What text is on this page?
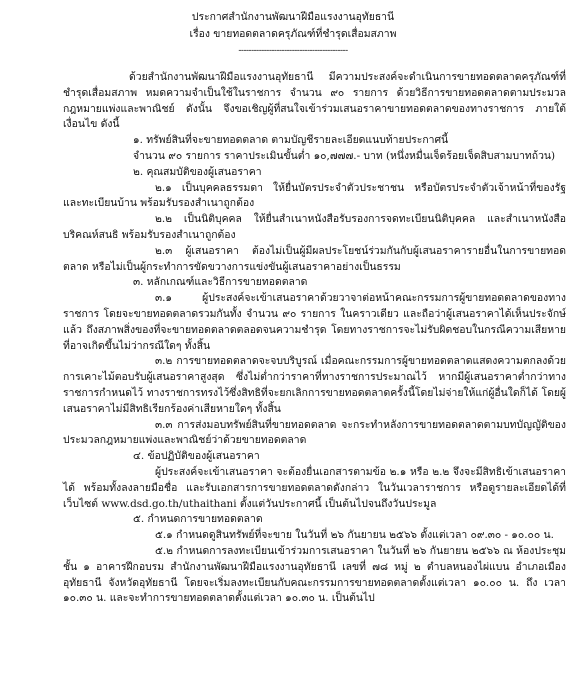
ประกาศสำนักงานพัฒนาฝีมือแรงงานอุทัยธานี
เรื่อง ขายทอดตลาดครุภัณฑ์ที่ชำรุดเสื่อมสภาพ
-------------------------------------------

ด้วยสำนักงานพัฒนาฝีมือแรงงานอุทัยธานี มีความประสงค์จะดำเนินการขายทอดตลาดครุภัณฑ์ที่ชำรุดเสื่อมสภาพ หมดความจำเป็นใช้ในราชการ จำนวน ๙๐ รายการ ด้วยวิธีการขายทอดตลาดตามประมวลกฎหมายแพ่งและพาณิชย์ ดังนั้น จึงขอเชิญผู้ที่สนใจเข้าร่วมเสนอราคาขายทอดตลาดของทางราชการ ภายใต้เงื่อนไข ดังนี้

๑. ทรัพย์สินที่จะขายทอดตลาด ตามบัญชีรายละเอียดแนบท้ายประกาศนี้

จำนวน ๙๐ รายการ ราคาประเมินขั้นต่ำ ๑๐,๗๗๗.- บาท (หนึ่งหมื่นเจ็ดร้อยเจ็ดสิบสามบาทถ้วน)

๒. คุณสมบัติของผู้เสนอราคา

๒.๑ เป็นบุคคลธรรมดา ให้ยื่นบัตรประจำตัวประชาชน หรือบัตรประจำตัวเจ้าหน้าที่ของรัฐ และทะเบียนบ้าน พร้อมรับรองสำเนาถูกต้อง

๒.๒ เป็นนิติบุคคล ให้ยื่นสำเนาหนังสือรับรองการจดทะเบียนนิติบุคคล และสำเนาหนังสือบริคณห์สนธิ พร้อมรับรองสำเนาถูกต้อง

๒.๓ ผู้เสนอราคา ต้องไม่เป็นผู้มีผลประโยชน์ร่วมกันกับผู้เสนอราคารายอื่นในการขายทอดตลาด หรือไม่เป็นผู้กระทำการขัดขวางการแข่งขันผู้เสนอราคาอย่างเป็นธรรม

๓. หลักเกณฑ์และวิธีการขายทอดตลาด

๓.๑ ผู้ประสงค์จะเข้าเสนอราคาด้วยวาจาต่อหน้าคณะกรรมการผู้ขายทอดตลาดของทางราชการ โดยจะขายทอดตลาดรวมกันทั้ง จำนวน ๙๐ รายการ ในคราวเดียว และถือว่าผู้เสนอราคาได้เห็นประจักษ์แล้ว ถึงสภาพสิ่งของที่จะขายทอดตลาดตลอดจนความชำรุด โดยทางราชการจะไม่รับผิดชอบในกรณีความเสียหายที่อาจเกิดขึ้นไม่ว่ากรณีใดๆ ทั้งสิ้น

๓.๒ การขายทอดตลาดจะจบบริบูรณ์ เมื่อคณะกรรมการผู้ขายทอดตลาดแสดงความตกลงด้วยการเคาะไม้ตอบรับผู้เสนอราคาสูงสุด ซึ่งไม่ต่ำกว่าราคาที่ทางราชการประมาณไว้ หากมีผู้เสนอราคาต่ำกว่าทางราชการกำหนดไว้ ทางราชการทรงไว้ซึ่งสิทธิที่จะยกเลิกการขายทอดตลาดครั้งนี้โดยไม่จ่ายให้แก่ผู้อื่นใดก็ได้ โดยผู้เสนอราคาไม่มีสิทธิเรียกร้องค่าเสียหายใดๆ ทั้งสิ้น

๓.๓ การส่งมอบทรัพย์สินที่ขายทอดตลาด จะกระทำหลังการขายทอดตลาดตามบทบัญญัติของประมวลกฎหมายแพ่งและพาณิชย์ว่าด้วยขายทอดตลาด

๔. ข้อปฏิบัติของผู้เสนอราคา

ผู้ประสงค์จะเข้าเสนอราคา จะต้องยื่นเอกสารตามข้อ ๒.๑ หรือ ๒.๒ จึงจะมีสิทธิเข้าเสนอราคาได้ พร้อมทั้งลงลายมือชื่อ และรับเอกสารการขายทอดตลาดดังกล่าว ในวันเวลาราชการ หรือดูรายละเอียดได้ที่เว็บไซต์ www.dsd.go.th/uthaithani ตั้งแต่วันประกาศนี้ เป็นต้นไปจนถึงวันประมูล

๕. กำหนดการขายทอดตลาด

๕.๑ กำหนดดูสินทรัพย์ที่จะขาย ในวันที่ ๒๖ กันยายน ๒๕๖๖ ตั้งแต่เวลา ๐๙.๓๐ - ๑๐.๐๐ น.

๕.๒ กำหนดการลงทะเบียนเข้าร่วมการเสนอราคา ในวันที่ ๒๖ กันยายน ๒๕๖๖ ณ ห้องประชุมชั้น ๑ อาคารฝึกอบรม สำนักงานพัฒนาฝีมือแรงงานอุทัยธานี เลขที่ ๗๘ หมู่ ๒ ตำบลหนองไผ่แบน อำเภอเมืองอุทัยธานี จังหวัดอุทัยธานี โดยจะเริ่มลงทะเบียนกับคณะกรรมการขายทอดตลาดตั้งแต่เวลา ๑๐.๐๐ น. ถึง เวลา ๑๐.๓๐ น. และจะทำการขายทอดตลาดตั้งแต่เวลา ๑๐.๓๐ น. เป็นต้นไป
